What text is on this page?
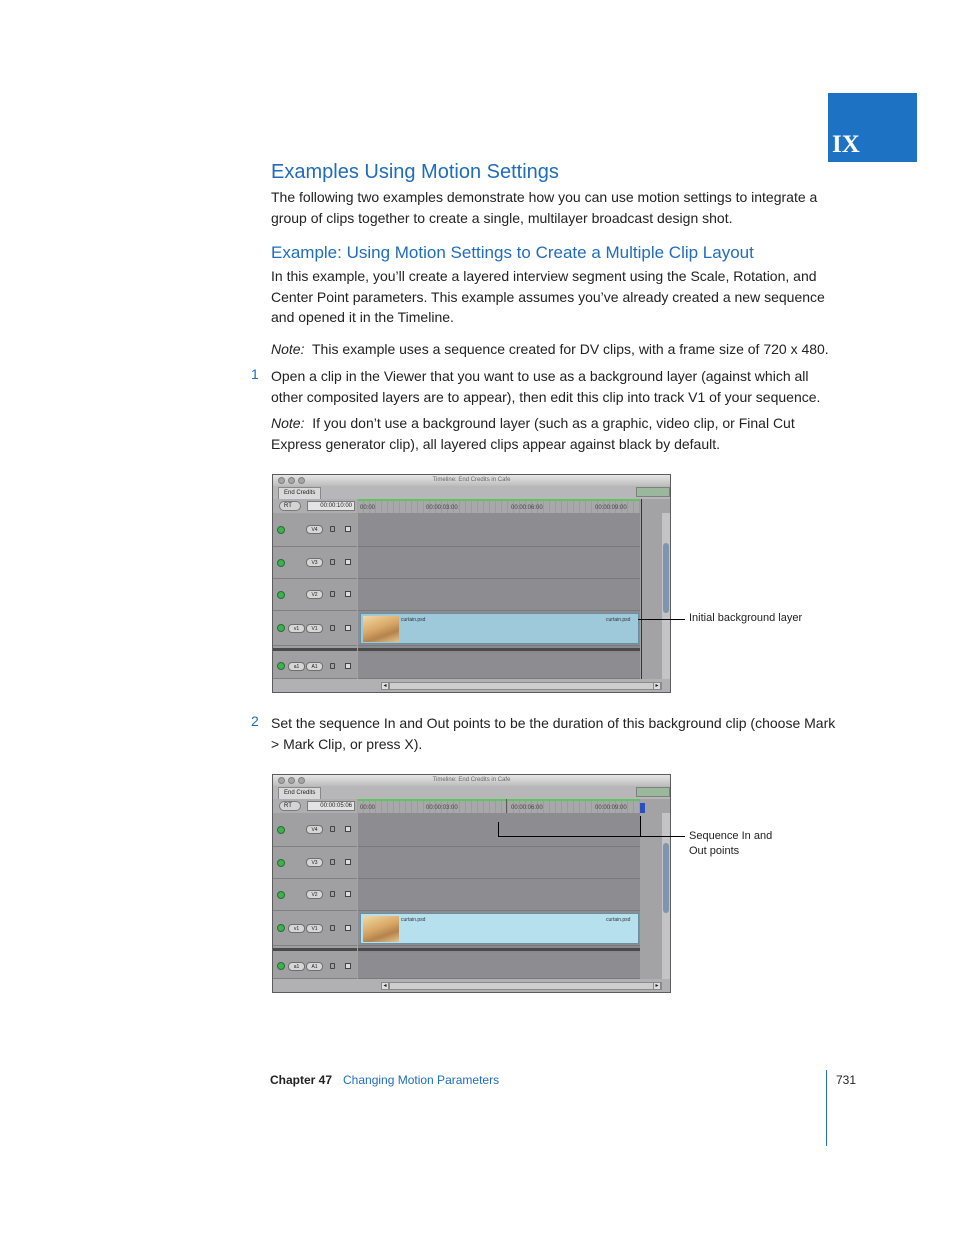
IX
Examples Using Motion Settings
The following two examples demonstrate how you can use motion settings to integrate a group of clips together to create a single, multilayer broadcast design shot.
Example: Using Motion Settings to Create a Multiple Clip Layout
In this example, you’ll create a layered interview segment using the Scale, Rotation, and Center Point parameters. This example assumes you’ve already created a new sequence and opened it in the Timeline.
Note: This example uses a sequence created for DV clips, with a frame size of 720 x 480.
1 Open a clip in the Viewer that you want to use as a background layer (against which all other composited layers are to appear), then edit this clip into track V1 of your sequence.
Note: If you don’t use a background layer (such as a graphic, video clip, or Final Cut Express generator clip), all layered clips appear against black by default.
Timeline: End Credits in Cafe
End Credits
RT	00:00:10:00	00:00	00:00:03:00	00:00:06:00	00:00:09:00
V4
V3
V2
v1	V1
a1	A1
curtain.psd	curtain.psd
◂	▸
Initial background layer
2 Set the sequence In and Out points to be the duration of this background clip (choose Mark > Mark Clip, or press X).
Timeline: End Credits in Cafe
End Credits
RT	00:00:05:06	00:00	00:00:03:00	00:00:06:00	00:00:09:00
V4
V3
V2
v1	V1
a1	A1
curtain.psd	curtain.psd
◂	▸
Sequence In and
Out points
Chapter 47 Changing Motion Parameters	731
